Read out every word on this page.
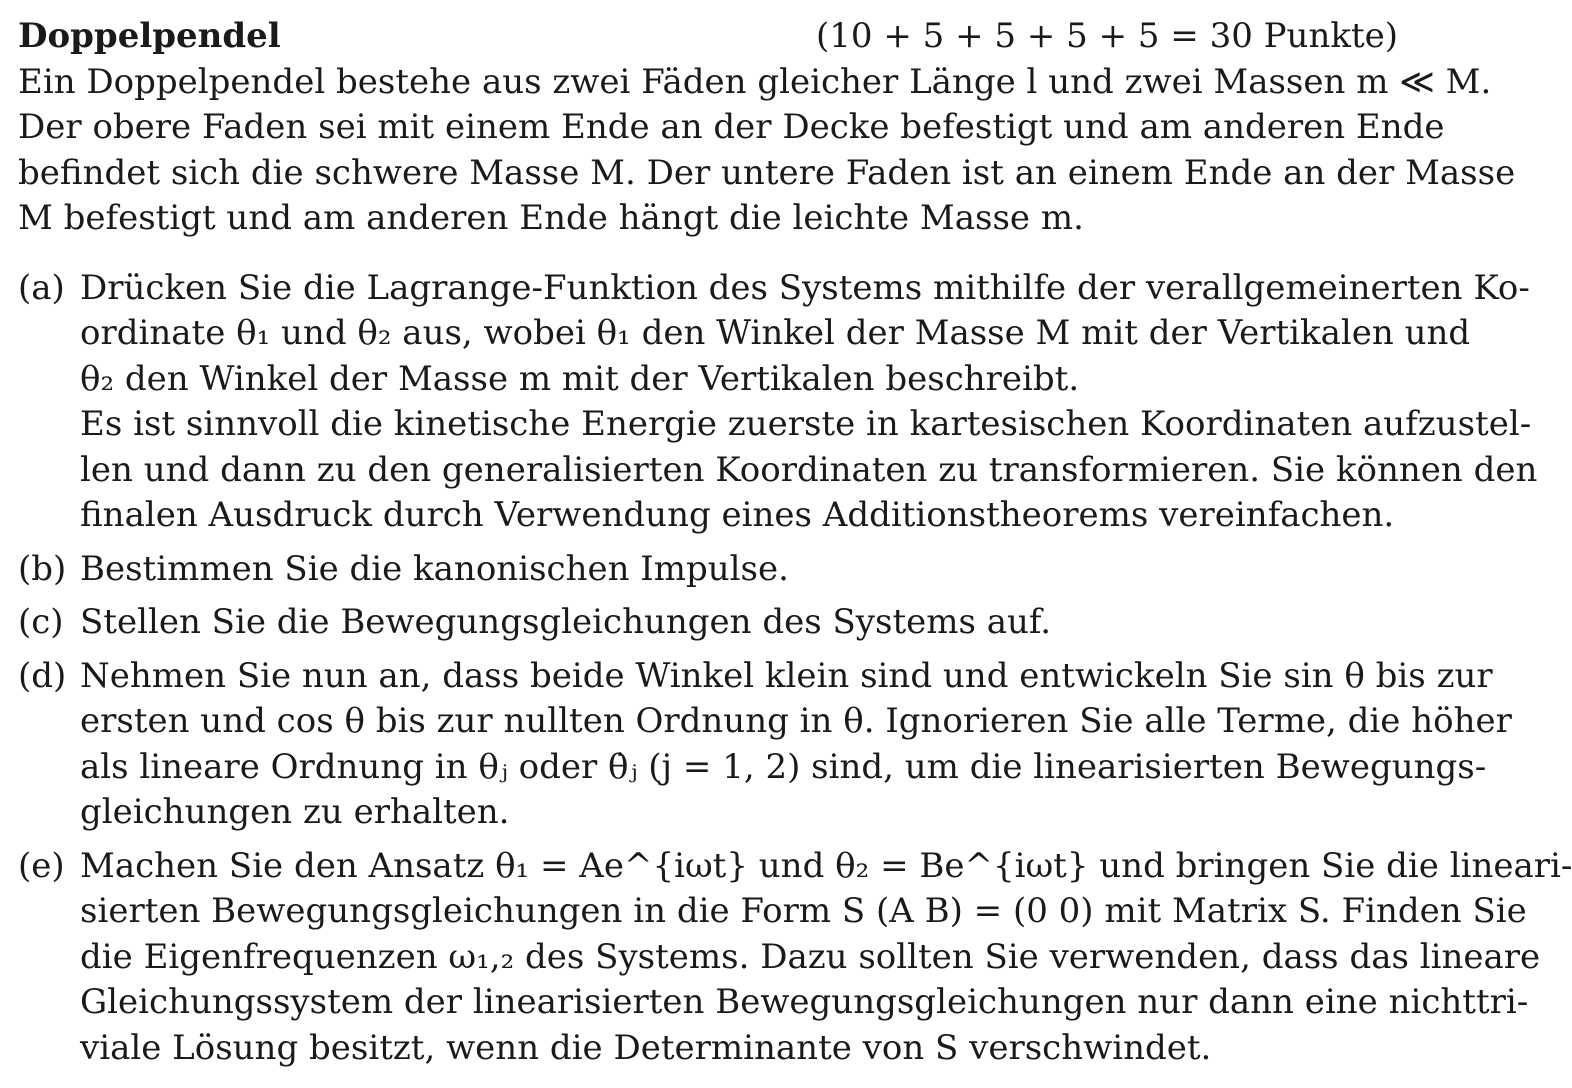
Doppelpendel	(10 + 5 + 5 + 5 + 5 = 30 Punkte)
Ein Doppelpendel bestehe aus zwei Fäden gleicher Länge l und zwei Massen m ≪ M.
Der obere Faden sei mit einem Ende an der Decke befestigt und am anderen Ende
befindet sich die schwere Masse M. Der untere Faden ist an einem Ende an der Masse
M befestigt und am anderen Ende hängt die leichte Masse m.
(a) Drücken Sie die Lagrange-Funktion des Systems mithilfe der verallgemeinerten Ko-
ordinate θ₁ und θ₂ aus, wobei θ₁ den Winkel der Masse M mit der Vertikalen und
θ₂ den Winkel der Masse m mit der Vertikalen beschreibt.
Es ist sinnvoll die kinetische Energie zuerste in kartesischen Koordinaten aufzustel-
len und dann zu den generalisierten Koordinaten zu transformieren. Sie können den
finalen Ausdruck durch Verwendung eines Additionstheorems vereinfachen.
(b) Bestimmen Sie die kanonischen Impulse.
(c) Stellen Sie die Bewegungsgleichungen des Systems auf.
(d) Nehmen Sie nun an, dass beide Winkel klein sind und entwickeln Sie sin θ bis zur
ersten und cos θ bis zur nullten Ordnung in θ. Ignorieren Sie alle Terme, die höher
als lineare Ordnung in θⱼ oder θ̇ⱼ (j = 1, 2) sind, um die linearisierten Bewegungs-
gleichungen zu erhalten.
(e) Machen Sie den Ansatz θ₁ = Ae^{iωt} und θ₂ = Be^{iωt} und bringen Sie die lineari-
sierten Bewegungsgleichungen in die Form S (A B) = (0 0) mit Matrix S. Finden Sie
die Eigenfrequenzen ω₁,₂ des Systems. Dazu sollten Sie verwenden, dass das lineare
Gleichungssystem der linearisierten Bewegungsgleichungen nur dann eine nichttri-
viale Lösung besitzt, wenn die Determinante von S verschwindet.
